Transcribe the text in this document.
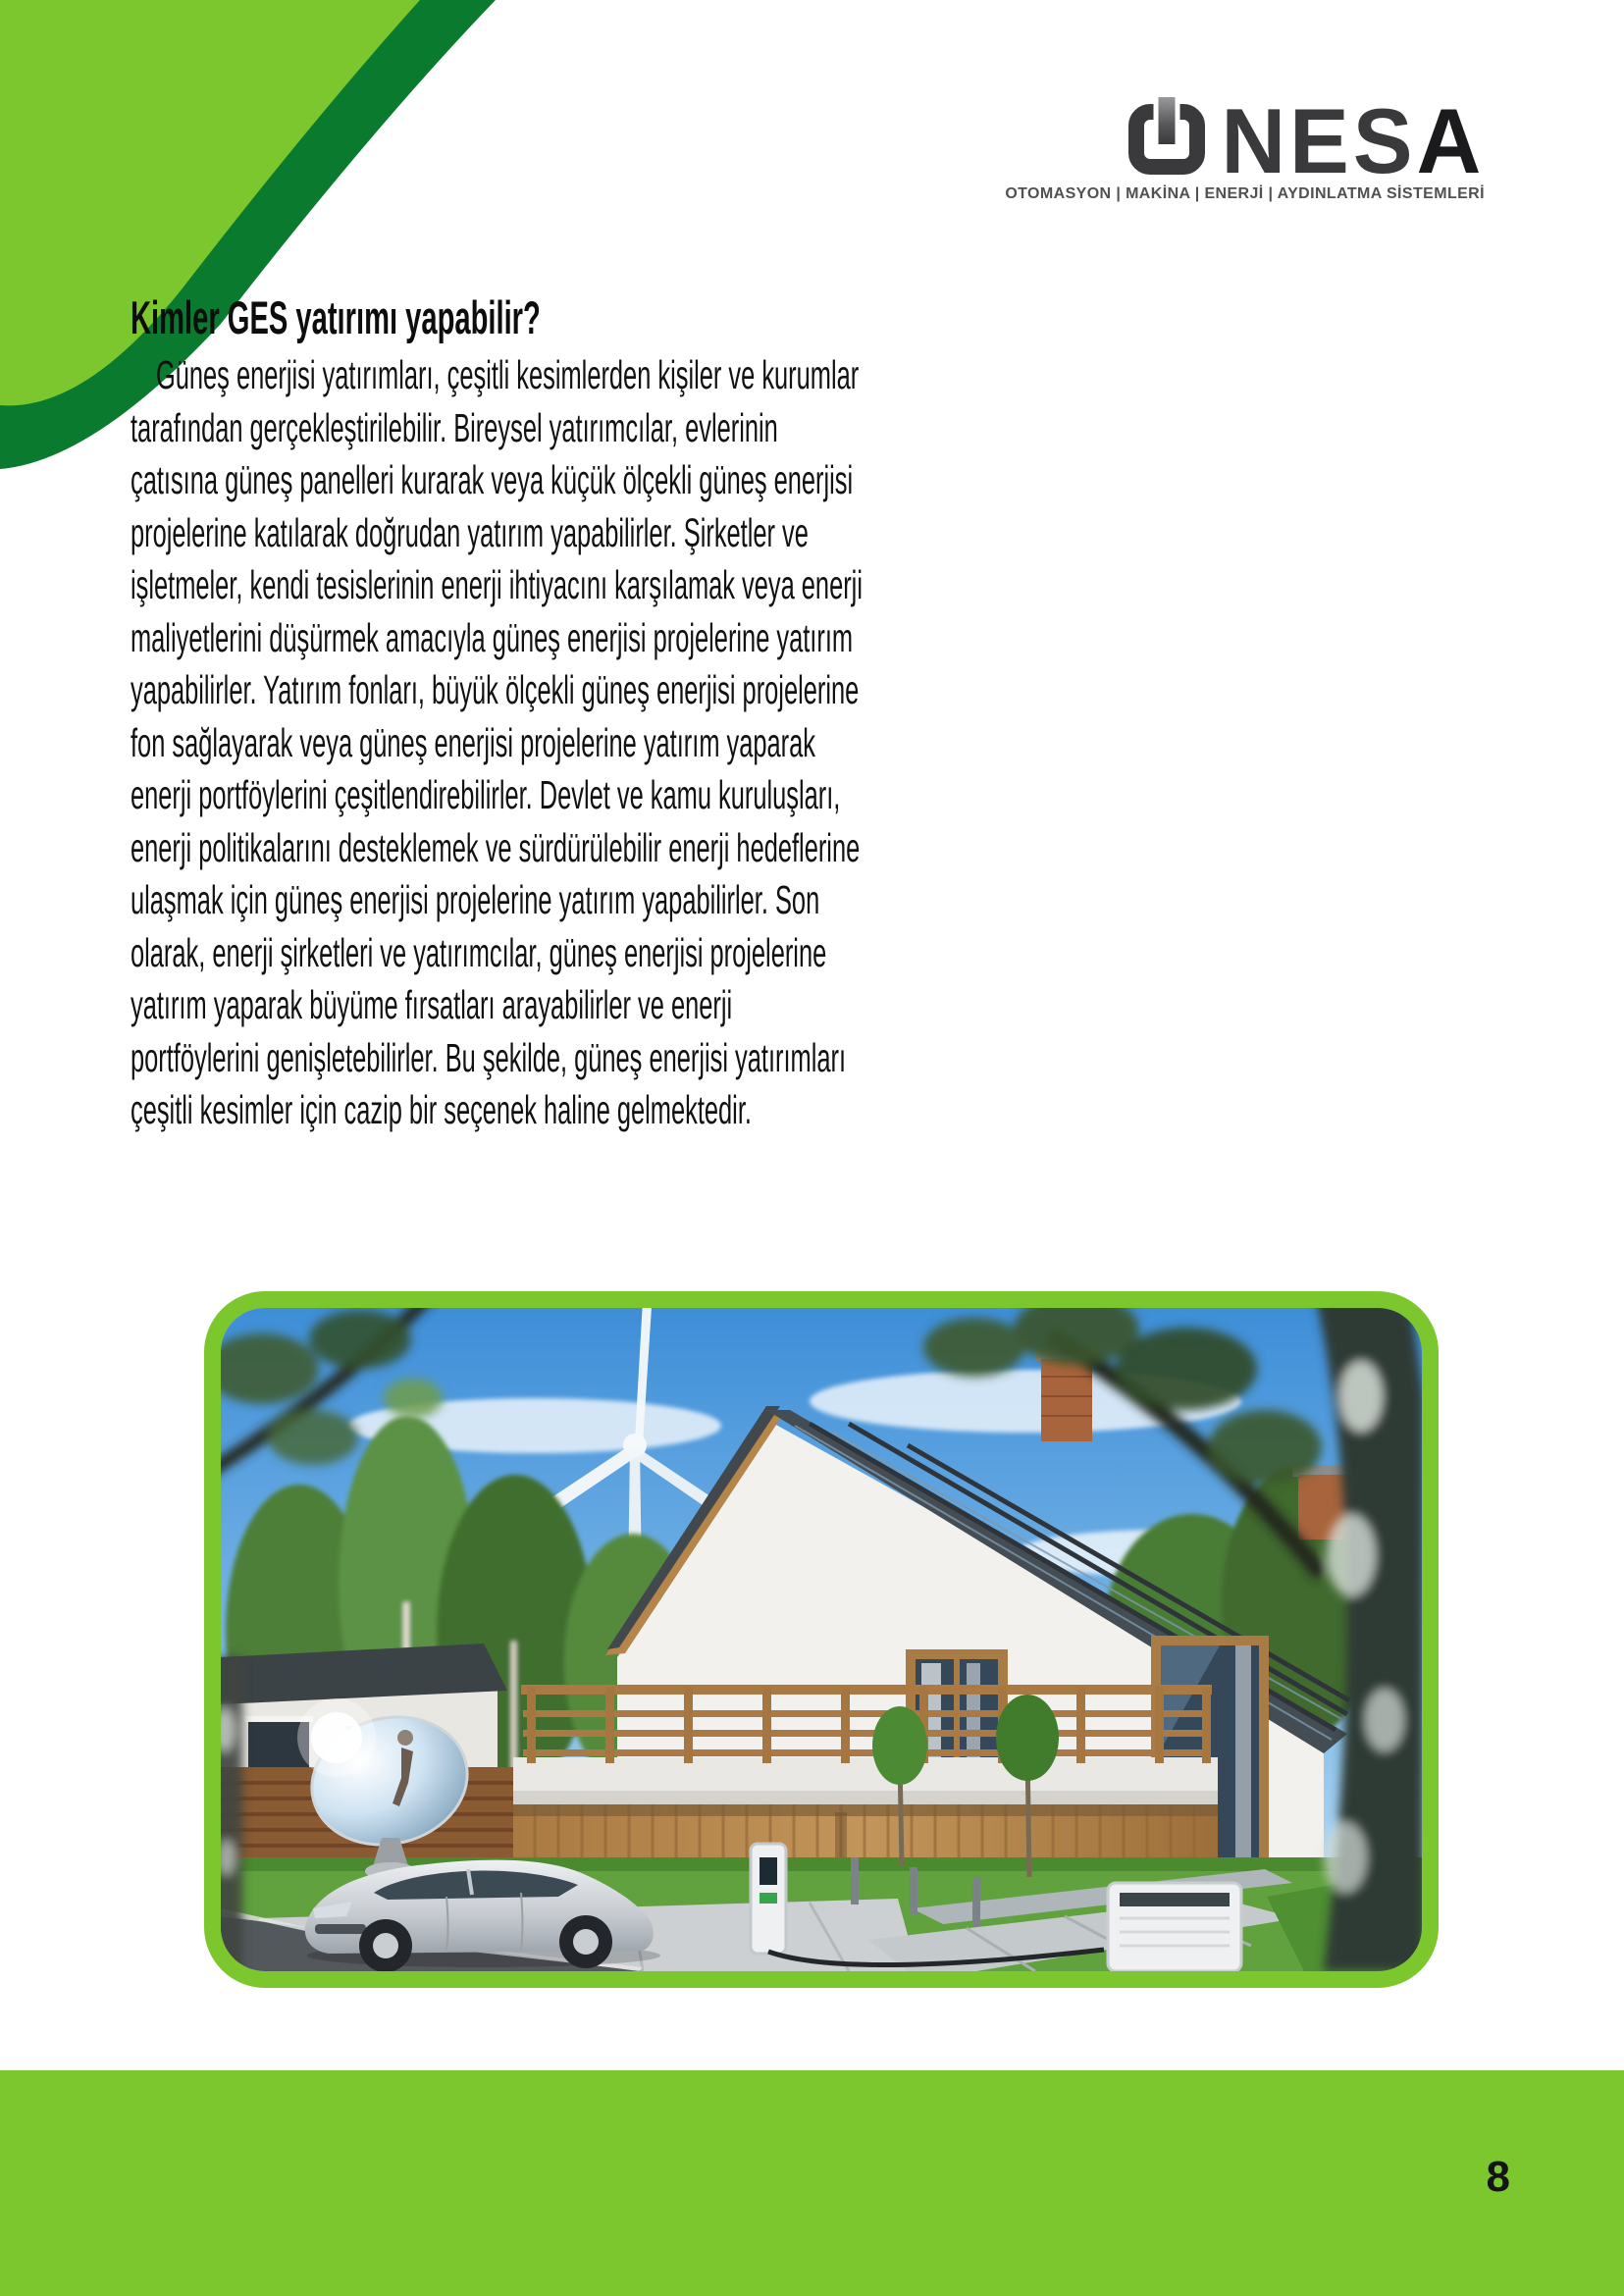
NESA
OTOMASYON | MAKİNA | ENERJİ | AYDINLATMA SİSTEMLERİ
Kimler GES yatırımı yapabilir?
Güneş enerjisi yatırımları, çeşitli kesimlerden kişiler ve kurumlar
tarafından gerçekleştirilebilir. Bireysel yatırımcılar, evlerinin
çatısına güneş panelleri kurarak veya küçük ölçekli güneş enerjisi
projelerine katılarak doğrudan yatırım yapabilirler. Şirketler ve
işletmeler, kendi tesislerinin enerji ihtiyacını karşılamak veya enerji
maliyetlerini düşürmek amacıyla güneş enerjisi projelerine yatırım
yapabilirler. Yatırım fonları, büyük ölçekli güneş enerjisi projelerine
fon sağlayarak veya güneş enerjisi projelerine yatırım yaparak
enerji portföylerini çeşitlendirebilirler. Devlet ve kamu kuruluşları,
enerji politikalarını desteklemek ve sürdürülebilir enerji hedeflerine
ulaşmak için güneş enerjisi projelerine yatırım yapabilirler. Son
olarak, enerji şirketleri ve yatırımcılar, güneş enerjisi projelerine
yatırım yaparak büyüme fırsatları arayabilirler ve enerji
portföylerini genişletebilirler. Bu şekilde, güneş enerjisi yatırımları
çeşitli kesimler için cazip bir seçenek haline gelmektedir.
8
